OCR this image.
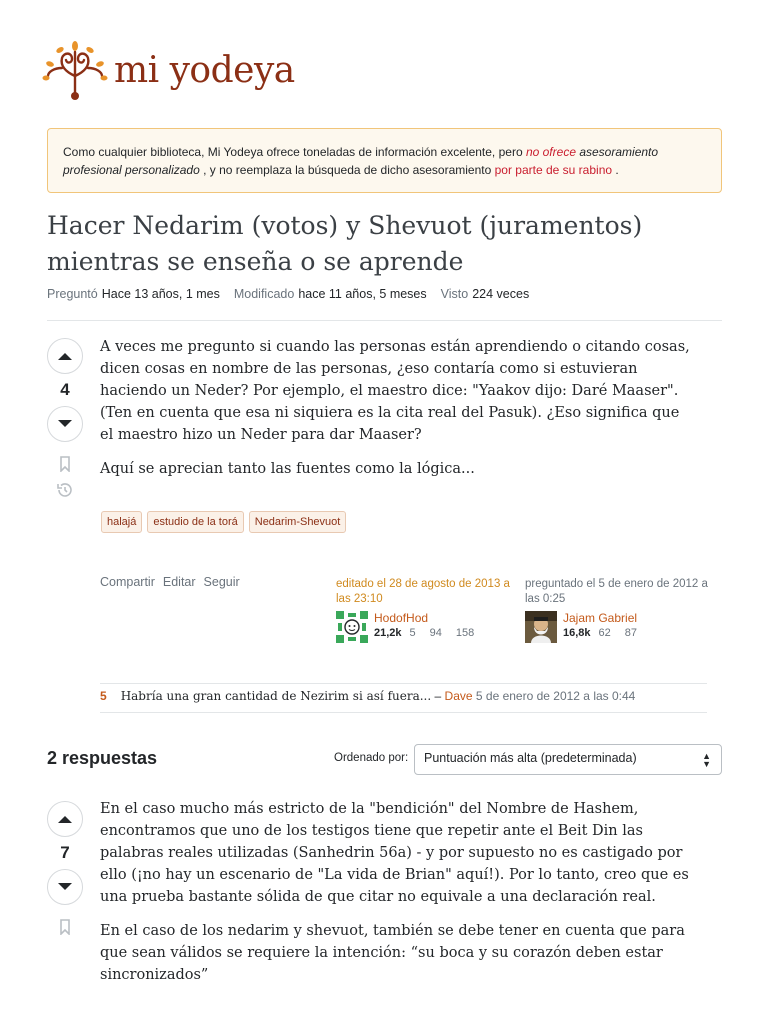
mi yodeya
Como cualquier biblioteca, Mi Yodeya ofrece toneladas de información excelente, pero no ofrece asesoramiento profesional personalizado , y no reemplaza la búsqueda de dicho asesoramiento por parte de su rabino .
Hacer Nedarim (votos) y Shevuot (juramentos) mientras se enseña o se aprende
Preguntó Hace 13 años, 1 mes Modificado hace 11 años, 5 meses Visto 224 veces
4

A veces me pregunto si cuando las personas están aprendiendo o citando cosas, dicen cosas en nombre de las personas, ¿eso contaría como si estuvieran haciendo un Neder? Por ejemplo, el maestro dice: "Yaakov dijo: Daré Maaser". (Ten en cuenta que esa ni siquiera es la cita real del Pasuk). ¿Eso significa que el maestro hizo un Neder para dar Maaser?

Aquí se aprecian tanto las fuentes como la lógica...

halajá	estudio de la torá	Nedarim-Shevuot
Compartir Editar Seguir	editado el 28 de agosto de 2013 a las 23:10
HodofHod
21,2k 5 94 158
preguntado el 5 de enero de 2012 a las 0:25
Jajam Gabriel
16,8k 62 87
5 Habría una gran cantidad de Nezirim si así fuera... – Dave 5 de enero de 2012 a las 0:44
2 respuestas	Ordenado por:	Puntuación más alta (predeterminada)	▲
▼
7

En el caso mucho más estricto de la "bendición" del Nombre de Hashem, encontramos que uno de los testigos tiene que repetir ante el Beit Din las palabras reales utilizadas (Sanhedrin 56a) - y por supuesto no es castigado por ello (¡no hay un escenario de "La vida de Brian" aquí!). Por lo tanto, creo que es una prueba bastante sólida de que citar no equivale a una declaración real.

En el caso de los nedarim y shevuot, también se debe tener en cuenta que para que sean válidos se requiere la intención: “su boca y su corazón deben estar sincronizados”
